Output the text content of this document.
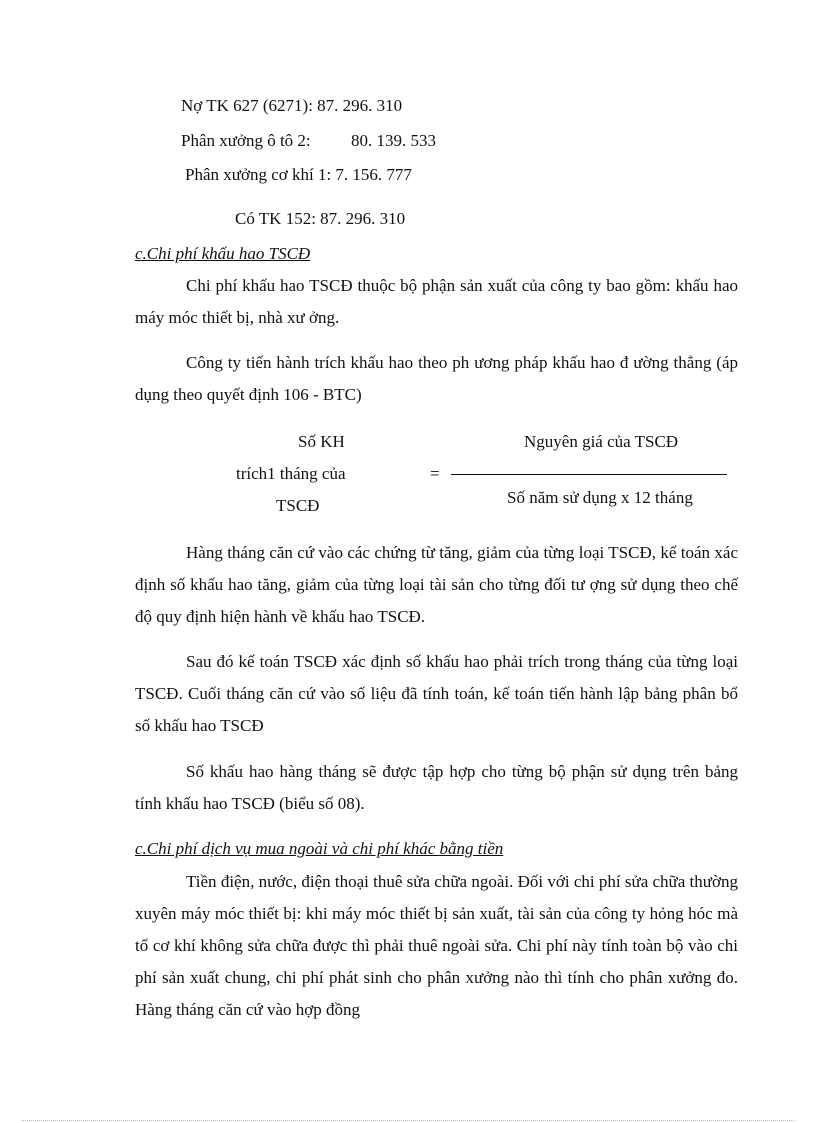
Nợ TK 627 (6271): 87. 296. 310
Phân xưởng ô tô 2: 80. 139. 533
Phân xưởng cơ khí 1: 7. 156. 777
Có TK 152: 87. 296. 310
c.Chi phí khấu hao TSCĐ

Chi phí khấu hao TSCĐ thuộc bộ phận sản xuất của công ty bao gồm: khấu hao máy móc thiết bị, nhà xư ởng.

Công ty tiến hành trích khấu hao theo ph ương pháp khấu hao đ ường thẳng (áp dụng theo quyết định 106 - BTC)

Số KH
trích1 tháng của
TSCĐ
=
Nguyên giá của TSCĐ
Số năm sử dụng x 12 tháng

Hàng tháng căn cứ vào các chứng từ tăng, giảm của từng loại TSCĐ, kế toán xác định số khấu hao tăng, giảm của từng loại tài sản cho từng đối tư ợng sử dụng theo chế độ quy định hiện hành về khấu hao TSCĐ.

Sau đó kế toán TSCĐ xác định số khấu hao phải trích trong tháng của từng loại TSCĐ. Cuối tháng căn cứ vào số liệu đã tính toán, kế toán tiến hành lập bảng phân bổ số khấu hao TSCĐ

Số khấu hao hàng tháng sẽ được tập hợp cho từng bộ phận sử dụng trên bảng tính khấu hao TSCĐ (biểu số 08).

c.Chi phí dịch vụ mua ngoài và chi phí khác bằng tiền

Tiền điện, nước, điện thoại thuê sửa chữa ngoài. Đối với chi phí sửa chữa thường xuyên máy móc thiết bị: khi máy móc thiết bị sản xuất, tài sản của công ty hỏng hóc mà tổ cơ khí không sửa chữa được thì phải thuê ngoài sửa. Chi phí này tính toàn bộ vào chi phí sản xuất chung, chi phí phát sinh cho phân xưởng nào thì tính cho phân xưởng đo. Hàng tháng căn cứ vào hợp đồng
